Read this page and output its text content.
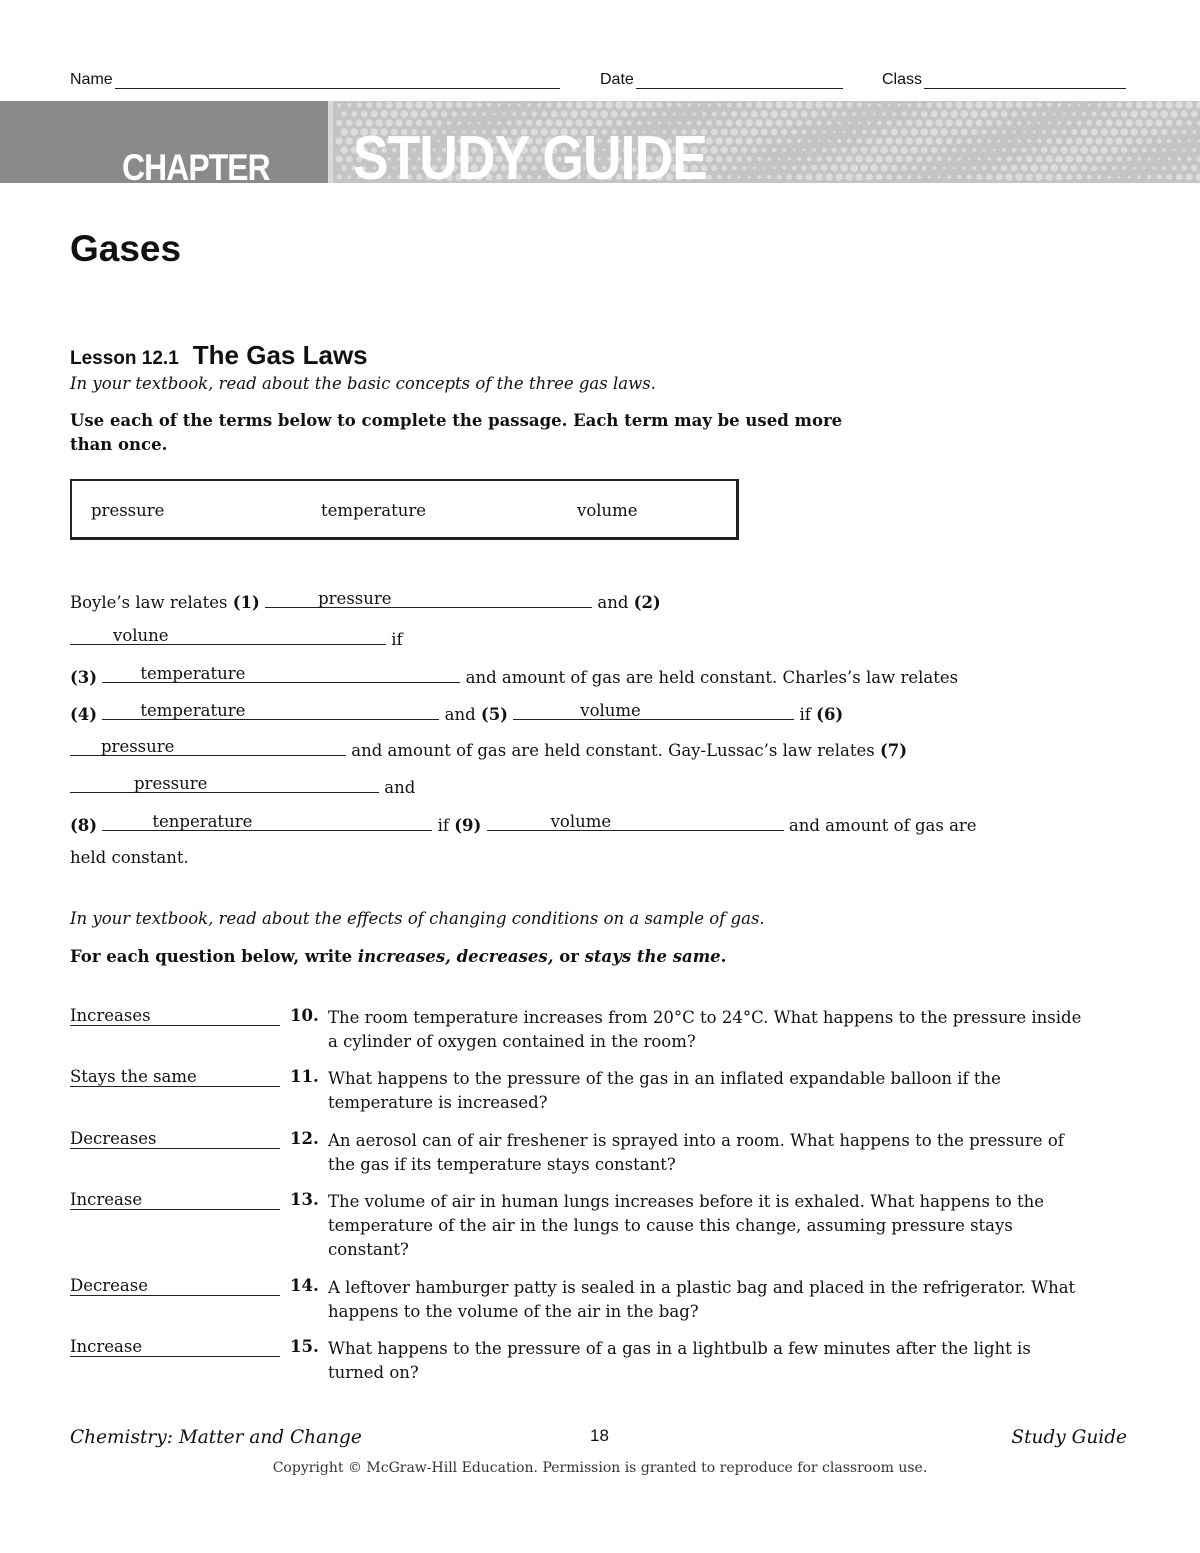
Name	Date	Class
CHAPTER STUDY GUIDE
Gases
Lesson 12.1 The Gas Laws
In your textbook, read about the basic concepts of the three gas laws.
Use each of the terms below to complete the passage. Each term may be used more than once.
pressure	temperature	volume
Boyle’s law relates (1)	pressure	and (2)
volune	if
(3)	temperature	and amount of gas are held constant. Charles’s law relates
(4)	temperature	and (5)	volume	if (6)
pressure	and amount of gas are held constant. Gay-Lussac’s law relates (7)
pressure	and
(8)	tenperature	if (9)	volume	and amount of gas are
held constant.
In your textbook, read about the effects of changing conditions on a sample of gas.
For each question below, write increases, decreases, or stays the same.
Increases	10. The room temperature increases from 20°C to 24°C. What happens to the pressure inside a cylinder of oxygen contained in the room?
Stays the same	11. What happens to the pressure of the gas in an inflated expandable balloon if the temperature is increased?
Decreases	12. An aerosol can of air freshener is sprayed into a room. What happens to the pressure of the gas if its temperature stays constant?
Increase	13. The volume of air in human lungs increases before it is exhaled. What happens to the temperature of the air in the lungs to cause this change, assuming pressure stays constant?
Decrease	14. A leftover hamburger patty is sealed in a plastic bag and placed in the refrigerator. What happens to the volume of the air in the bag?
Increase	15. What happens to the pressure of a gas in a lightbulb a few minutes after the light is turned on?
Chemistry: Matter and Change	18	Study Guide
Copyright © McGraw-Hill Education. Permission is granted to reproduce for classroom use.
